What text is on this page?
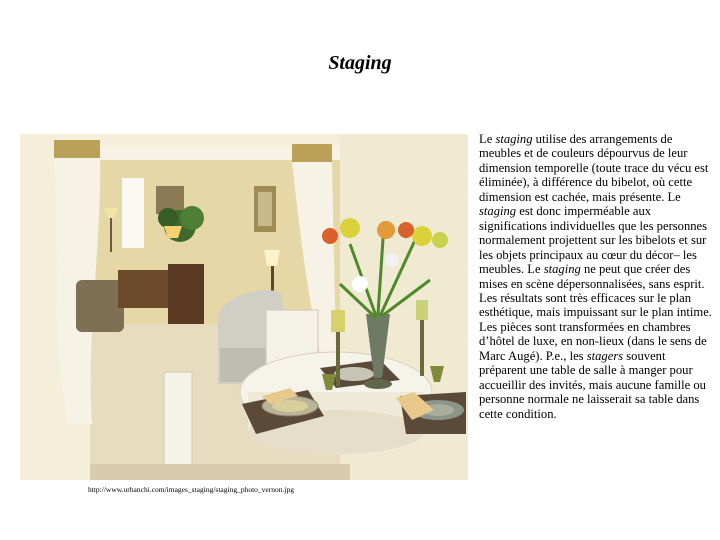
Staging
http://www.urbanchi.com/images_staging/staging_photo_vernon.jpg
Le staging utilise des arrangements de meubles et de couleurs dépourvus de leur dimension temporelle (toute trace du vécu est éliminée), à différence du bibelot, où cette dimension est cachée, mais présente. Le staging est donc imperméable aux significations individuelles que les personnes normalement projettent sur les bibelots et sur les objets principaux au cœur du décor– les meubles. Le staging ne peut que créer des mises en scène dépersonnalisées, sans esprit. Les résultats sont très efficaces sur le plan esthétique, mais impuissant sur le plan intime. Les pièces sont transformées en chambres d’hôtel de luxe, en non-lieux (dans le sens de Marc Augé). P.e., les stagers souvent préparent une table de salle à manger pour accueillir des invités, mais aucune famille ou personne normale ne laisserait sa table dans cette condition.
